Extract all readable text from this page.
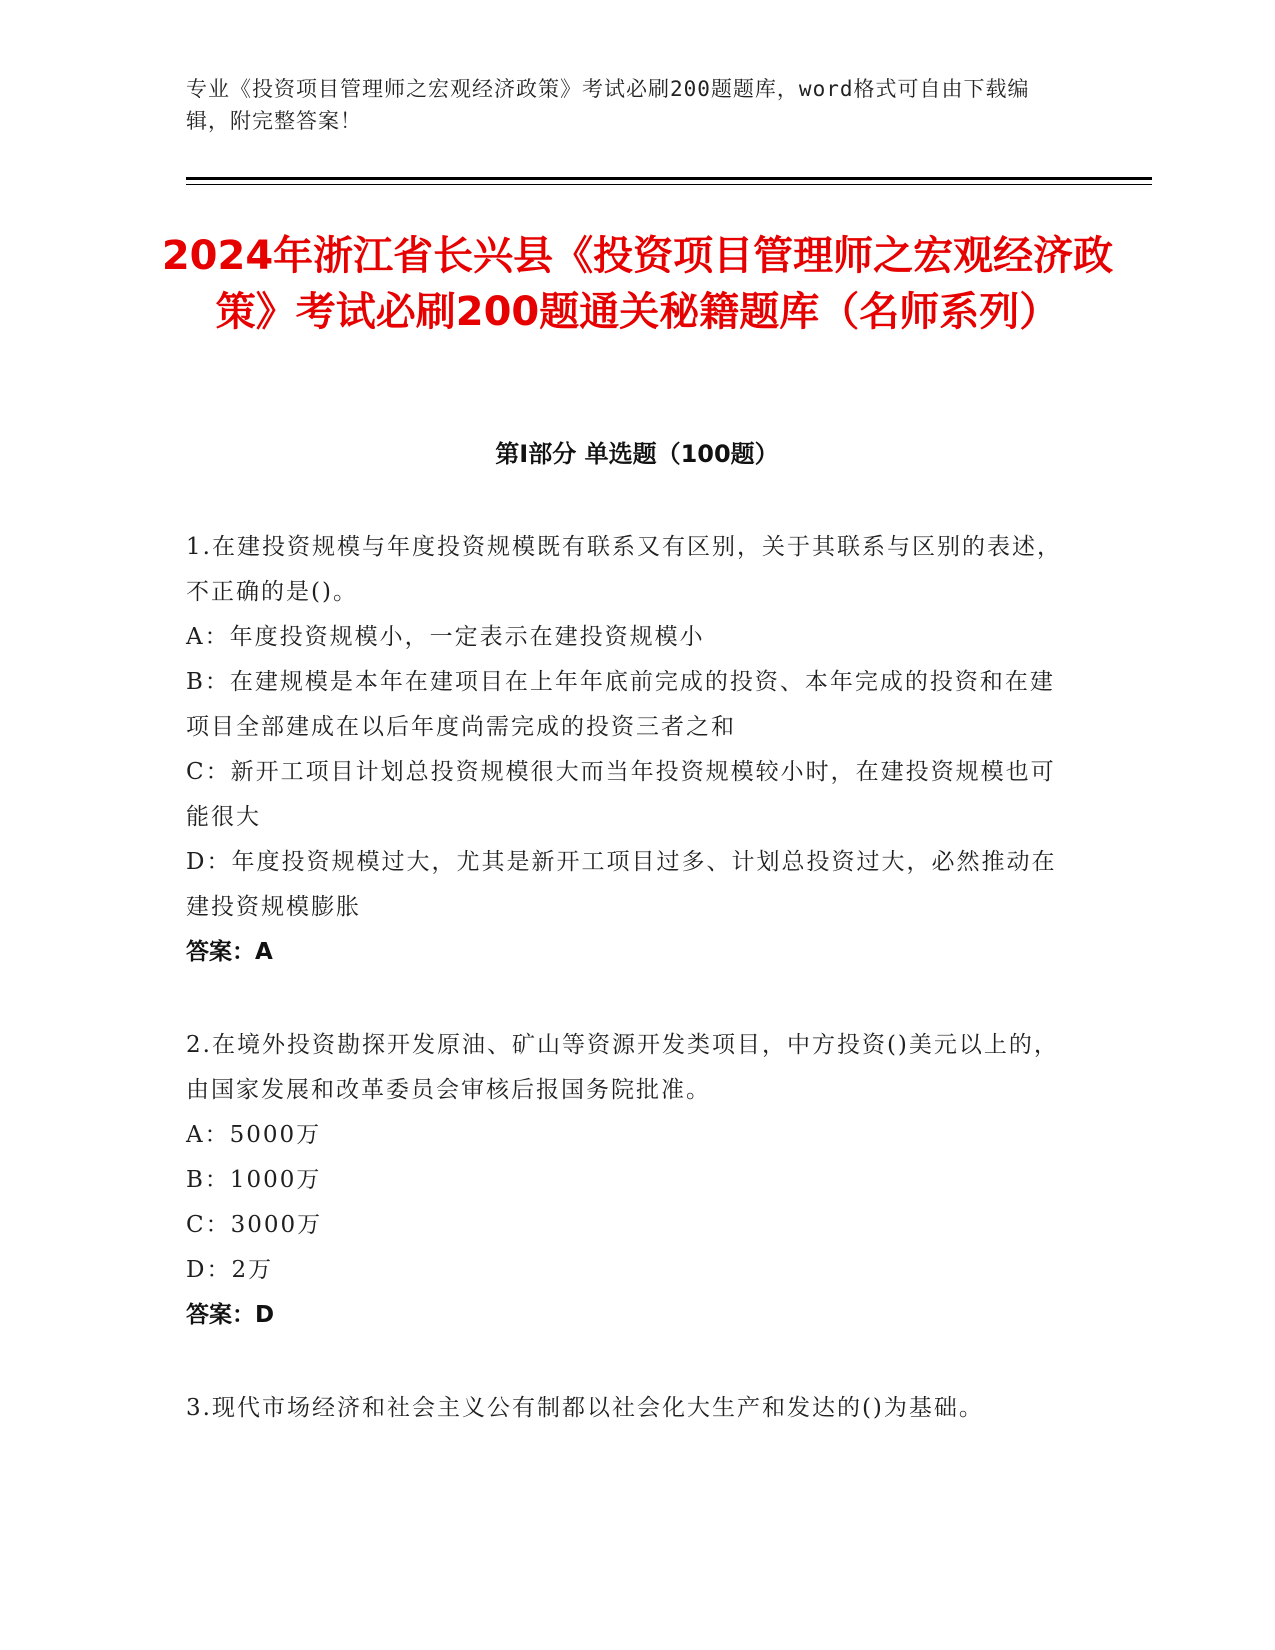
专业《投资项目管理师之宏观经济政策》考试必刷200题题库，word格式可自由下载编辑，附完整答案！
2024年浙江省长兴县《投资项目管理师之宏观经济政策》考试必刷200题通关秘籍题库（名师系列）
第Ⅰ部分 单选题（100题）

1.在建投资规模与年度投资规模既有联系又有区别，关于其联系与区别的表述，不正确的是()。

A：年度投资规模小，一定表示在建投资规模小

B：在建规模是本年在建项目在上年年底前完成的投资、本年完成的投资和在建项目全部建成在以后年度尚需完成的投资三者之和

C：新开工项目计划总投资规模很大而当年投资规模较小时，在建投资规模也可能很大

D：年度投资规模过大，尤其是新开工项目过多、计划总投资过大，必然推动在建投资规模膨胀

答案：A

2.在境外投资勘探开发原油、矿山等资源开发类项目，中方投资()美元以上的，由国家发展和改革委员会审核后报国务院批准。

A：5000万

B：1000万

C：3000万

D：2万

答案：D

3.现代市场经济和社会主义公有制都以社会化大生产和发达的()为基础。
